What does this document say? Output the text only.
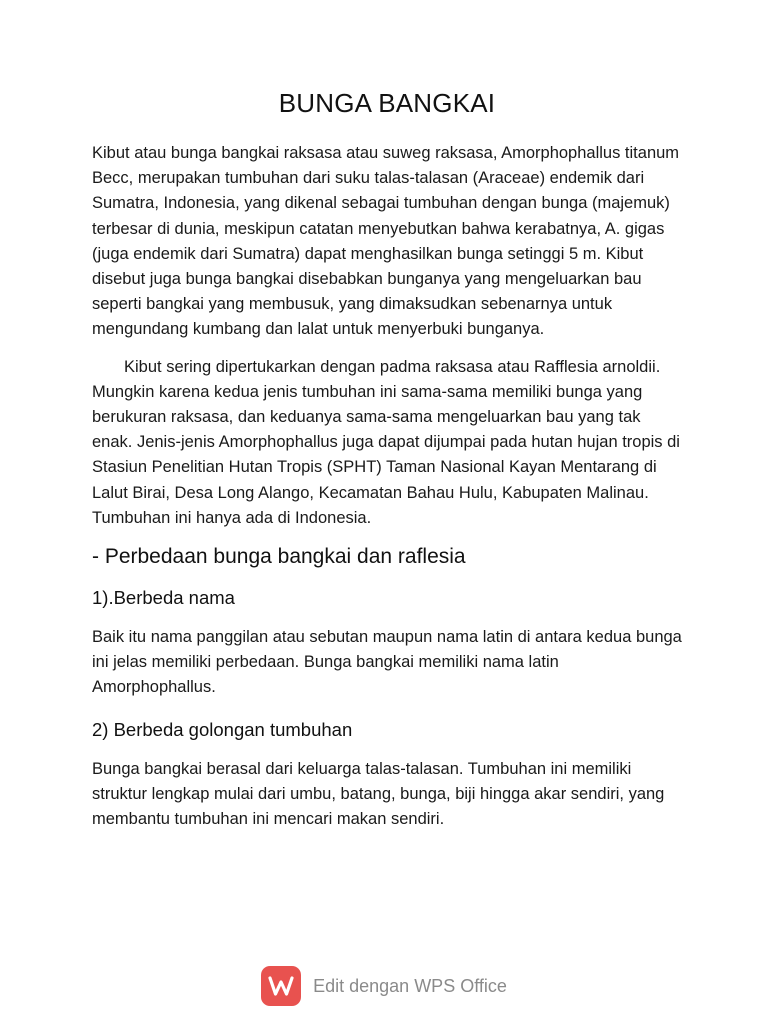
BUNGA BANGKAI

Kibut atau bunga bangkai raksasa atau suweg raksasa, Amorphophallus titanum Becc, merupakan tumbuhan dari suku talas-talasan (Araceae) endemik dari Sumatra, Indonesia, yang dikenal sebagai tumbuhan dengan bunga (majemuk) terbesar di dunia, meskipun catatan menyebutkan bahwa kerabatnya, A. gigas (juga endemik dari Sumatra) dapat menghasilkan bunga setinggi 5 m. Kibut disebut juga bunga bangkai disebabkan bunganya yang mengeluarkan bau seperti bangkai yang membusuk, yang dimaksudkan sebenarnya untuk mengundang kumbang dan lalat untuk menyerbuki bunganya.

Kibut sering dipertukarkan dengan padma raksasa atau Rafflesia arnoldii. Mungkin karena kedua jenis tumbuhan ini sama-sama memiliki bunga yang berukuran raksasa, dan keduanya sama-sama mengeluarkan bau yang tak enak. Jenis-jenis Amorphophallus juga dapat dijumpai pada hutan hujan tropis di Stasiun Penelitian Hutan Tropis (SPHT) Taman Nasional Kayan Mentarang di Lalut Birai, Desa Long Alango, Kecamatan Bahau Hulu, Kabupaten Malinau. Tumbuhan ini hanya ada di Indonesia.

- Perbedaan bunga bangkai dan raflesia
1).Berbeda nama

Baik itu nama panggilan atau sebutan maupun nama latin di antara kedua bunga ini jelas memiliki perbedaan. Bunga bangkai memiliki nama latin Amorphophallus.

2) Berbeda golongan tumbuhan

Bunga bangkai berasal dari keluarga talas-talasan. Tumbuhan ini memiliki struktur lengkap mulai dari umbu, batang, bunga, biji hingga akar sendiri, yang membantu tumbuhan ini mencari makan sendiri.

Edit dengan WPS Office
